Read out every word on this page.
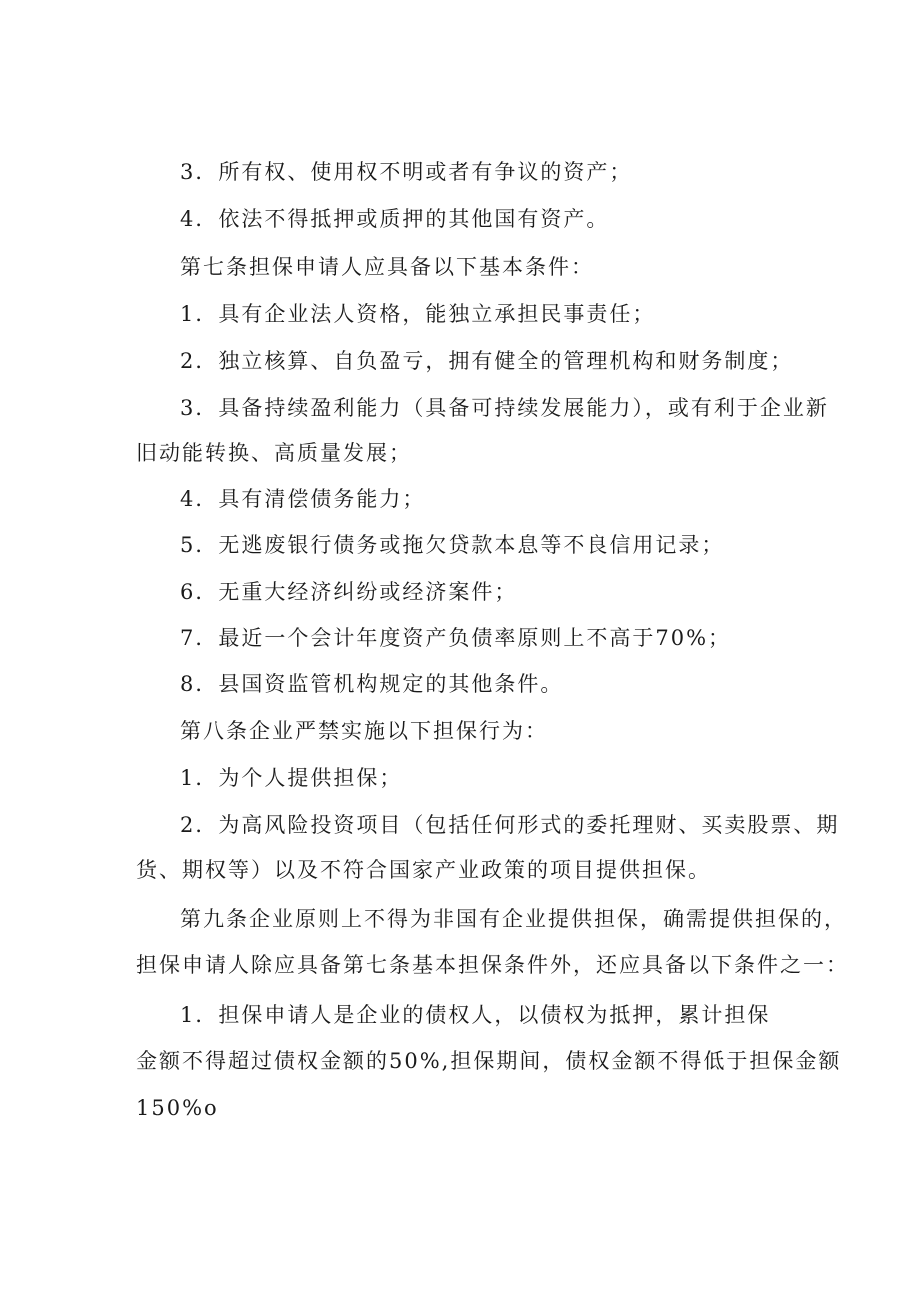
3．所有权、使用权不明或者有争议的资产；
4．依法不得抵押或质押的其他国有资产。
第七条担保申请人应具备以下基本条件：
1．具有企业法人资格，能独立承担民事责任；
2．独立核算、自负盈亏，拥有健全的管理机构和财务制度；
3．具备持续盈利能力（具备可持续发展能力），或有利于企业新
旧动能转换、高质量发展；
4．具有清偿债务能力；
5．无逃废银行债务或拖欠贷款本息等不良信用记录；
6．无重大经济纠纷或经济案件；
7．最近一个会计年度资产负债率原则上不高于70%；
8．县国资监管机构规定的其他条件。
第八条企业严禁实施以下担保行为：
1．为个人提供担保；
2．为高风险投资项目（包括任何形式的委托理财、买卖股票、期
货、期权等）以及不符合国家产业政策的项目提供担保。
第九条企业原则上不得为非国有企业提供担保，确需提供担保的，
担保申请人除应具备第七条基本担保条件外，还应具备以下条件之一：
1．担保申请人是企业的债权人，以债权为抵押，累计担保
金额不得超过债权金额的50%,担保期间，债权金额不得低于担保金额
150%o
